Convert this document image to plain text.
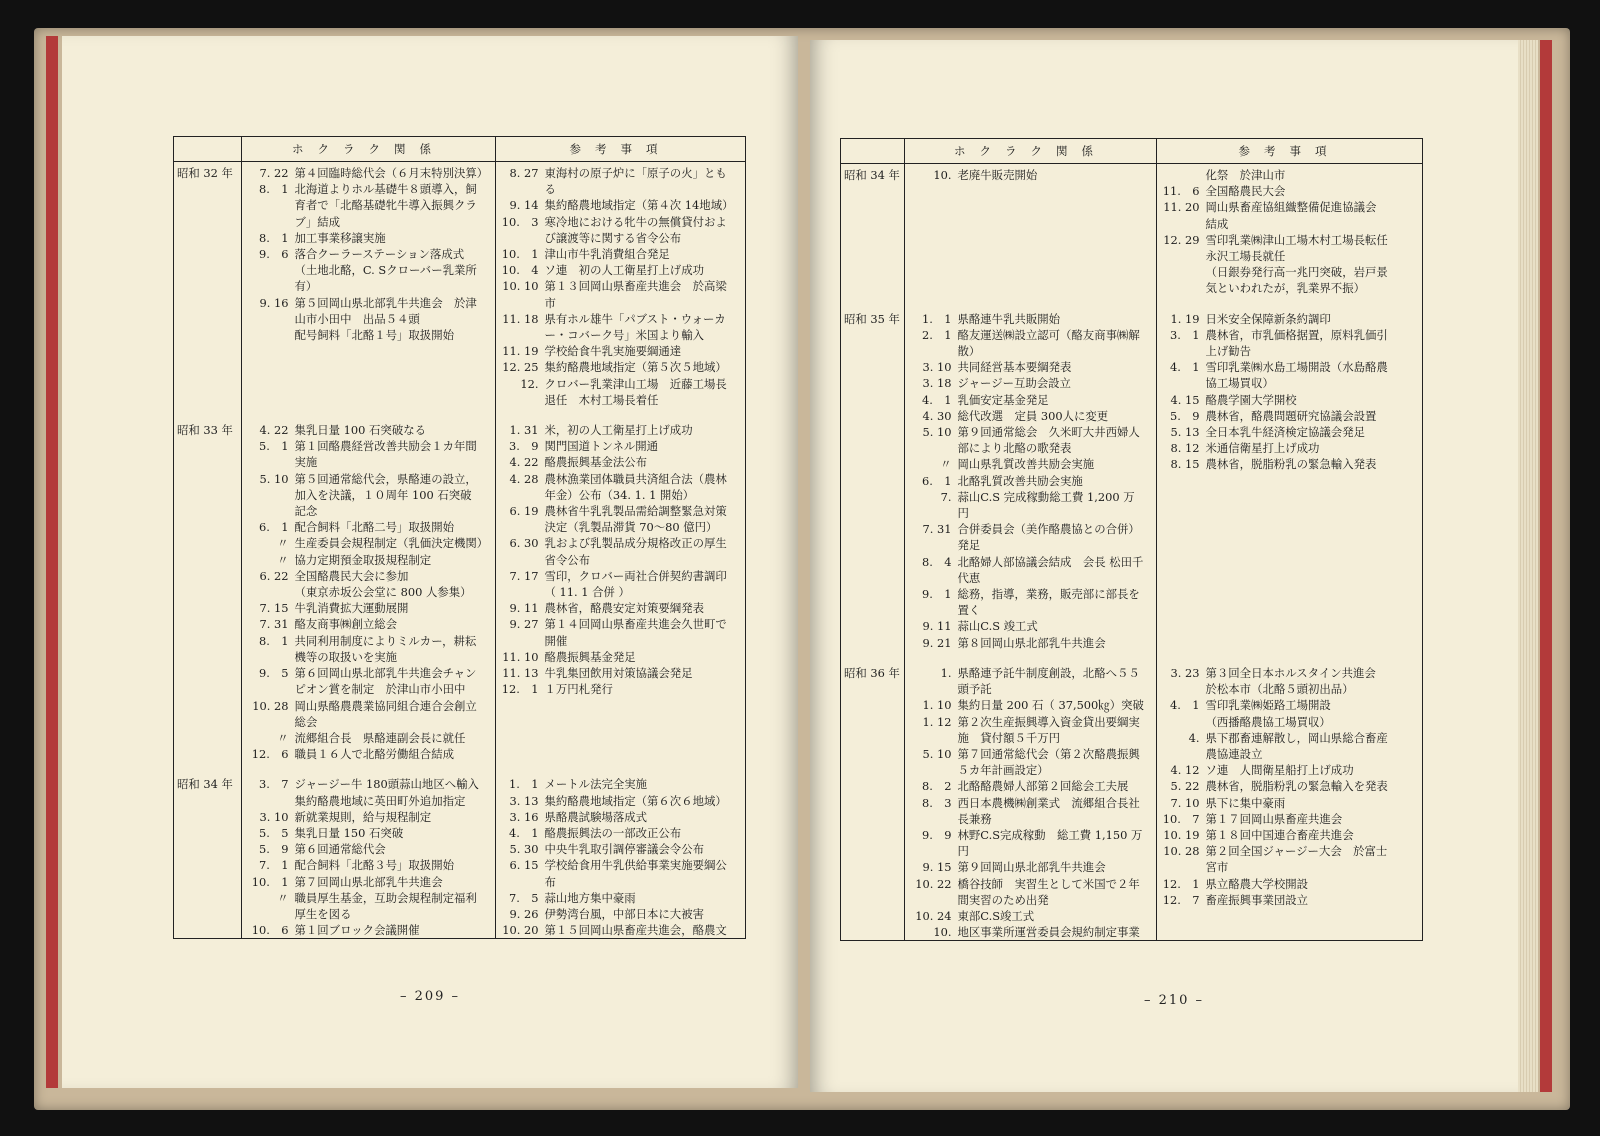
	ホクラク関係		参考事項	
昭和 32 年	7. 22	第４回臨時総代会（６月末特別決算）	8. 27	東海村の原子炉に「原子の火」とも
	8.　1	北海道よりホル基礎牛８頭導入，飼		る
		育者で「北酪基礎牝牛導入振興クラ	9. 14	集約酪農地域指定（第４次 14地域）
		ブ」結成	10.　3	寒冷地における牝牛の無償貸付およ
	8.　1	加工事業移譲実施		び譲渡等に関する省令公布
	9.　6	落合クーラーステーション落成式	10.　1	津山市牛乳消費組合発足
		（土地北酪，C. Sクローバー乳業所	10.　4	ソ連　初の人工衛星打上げ成功
		有）	10. 10	第１３回岡山県畜産共進会　於高梁
	9. 16	第５回岡山県北部乳牛共進会　於津		市
		山市小田中　出品５４頭	11. 18	県有ホル雄牛「パブスト・ウォーカ
		配号飼料「北酪１号」取扱開始		ー・コバーク号」米国より輸入
			11. 19	学校給食牛乳実施要綱通達
			12. 25	集約酪農地域指定（第５次５地域）
			12.	クロバー乳業津山工場　近藤工場長
				退任　木村工場長着任
昭和 33 年	4. 22	集乳日量 100 石突破なる	1. 31	米，初の人工衛星打上げ成功
	5.　1	第１回酪農経営改善共励会１カ年間	3.　9	関門国道トンネル開通
		実施	4. 22	酪農振興基金法公布
	5. 10	第５回通常総代会，県酪連の設立，	4. 28	農林漁業団体職員共済組合法（農林
		加入を決議，１０周年 100 石突破		年金）公布（34. 1. 1 開始）
		記念	6. 19	農林省牛乳乳製品需給調整緊急対策
	6.　1	配合飼料「北酪二号」取扱開始		決定（乳製品滞貨 70～80 億円）
	〃	生産委員会規程制定（乳価決定機関）	6. 30	乳および乳製品成分規格改正の厚生
	〃	協力定期預金取扱規程制定		省令公布
	6. 22	全国酪農民大会に参加	7. 17	雪印，クロバー両社合併契約書調印
		（東京赤坂公会堂に 800 人参集）		（ 11. 1 合併 ）
	7. 15	牛乳消費拡大運動展開	9. 11	農林省，酪農安定対策要綱発表
	7. 31	酪友商事㈱創立総会	9. 27	第１４回岡山県畜産共進会久世町で
	8.　1	共同利用制度によりミルカー，耕耘		開催
		機等の取扱いを実施	11. 10	酪農振興基金発足
	9.　5	第６回岡山県北部乳牛共進会チャン	11. 13	牛乳集団飲用対策協議会発足
		ピオン賞を制定　於津山市小田中	12.　1	１万円札発行
	10. 28	岡山県酪農農業協同組合連合会創立		
		総会		
	〃	流郷組合長　県酪連副会長に就任		
	12.　6	職員１６人で北酪労働組合結成		
昭和 34 年	3.　7	ジャージー牛 180頭蒜山地区へ輸入	1.　1	メートル法完全実施
		集約酪農地域に英田町外追加指定	3. 13	集約酪農地域指定（第６次６地域）
	3. 10	新就業規則，給与規程制定	3. 16	県酪農試験場落成式
	5.　5	集乳日量 150 石突破	4.　1	酪農振興法の一部改正公布
	5.　9	第６回通常総代会	5. 30	中央牛乳取引調停審議会令公布
	7.　1	配合飼料「北酪３号」取扱開始	6. 15	学校給食用牛乳供給事業実施要綱公
	10.　1	第７回岡山県北部乳牛共進会		布
	〃	職員厚生基金，互助会規程制定福利	7.　5	蒜山地方集中豪雨
		厚生を図る	9. 26	伊勢湾台風，中部日本に大被害
	10.　6	第１回ブロック会議開催	10. 20	第１５回岡山県畜産共進会，酪農文
– 209 –
	ホクラク関係		参考事項	
昭和 34 年	10.	老廃牛販売開始		化祭　於津山市
			11.　6	全国酪農民大会
			11. 20	岡山県畜産協組織整備促進協議会
				結成
			12. 29	雪印乳業㈱津山工場木村工場長転任
				永沢工場長就任
				（日銀券発行高一兆円突破，岩戸景
				気といわれたが，乳業界不振）
昭和 35 年	1.　1	県酪連牛乳共販開始	1. 19	日米安全保障新条約調印
	2.　1	酪友運送㈱設立認可（酪友商事㈱解	3.　1	農林省，市乳価格据置，原料乳価引
		散）		上げ勧告
	3. 10	共同経営基本要綱発表	4.　1	雪印乳業㈱水島工場開設（水島酪農
	3. 18	ジャージー互助会設立		協工場買収）
	4.　1	乳価安定基金発足	4. 15	酪農学園大学開校
	4. 30	総代改選　定員 300人に変更	5.　9	農林省，酪農問題研究協議会設置
	5. 10	第９回通常総会　久米町大井西婦人	5. 13	全日本乳牛経済検定協議会発足
		部により北酪の歌発表	8. 12	米通信衛星打上げ成功
	〃	岡山県乳質改善共励会実施	8. 15	農林省，脱脂粉乳の緊急輸入発表
	6.　1	北酪乳質改善共励会実施		
	7.	蒜山C.S 完成稼動総工費 1,200 万		
		円		
	7. 31	合併委員会（美作酪農協との合併）		
		発足		
	8.　4	北酪婦人部協議会結成　会長 松田千		
		代恵		
	9.　1	総務，指導，業務，販売部に部長を		
		置く		
	9. 11	蒜山C.S 竣工式		
	9. 21	第８回岡山県北部乳牛共進会		
昭和 36 年	1.	県酪連予託牛制度創設，北酪へ５５	3. 23	第３回全日本ホルスタイン共進会
		頭予託		於松本市（北酪５頭初出品）
	1. 10	集約日量 200 石（ 37,500㎏）突破	4.　1	雪印乳業㈱姫路工場開設
	1. 12	第２次生産振興導入資金貸出要綱実		（西播酪農協工場買収）
		施　貸付額５千万円	4.	県下郡畜連解散し，岡山県総合畜産
	5. 10	第７回通常総代会（第２次酪農振興		農協連設立
		５カ年計画設定）	4. 12	ソ連　人間衛星船打上げ成功
	8.　2	北酪酪農婦人部第２回総会工夫展	5. 22	農林省，脱脂粉乳の緊急輸入を発表
	8.　3	西日本農機㈱創業式　流郷組合長社	7. 10	県下に集中豪雨
		長兼務	10.　7	第１７回岡山県畜産共進会
	9.　9	林野C.S完成稼動　総工費 1,150 万	10. 19	第１８回中国連合畜産共進会
		円	10. 28	第２回全国ジャージー大会　於富士
	9. 15	第９回岡山県北部乳牛共進会		宮市
	10. 22	橋谷技師　実習生として米国で２年	12.　1	県立酪農大学校開設
		間実習のため出発	12.　7	畜産振興事業団設立
	10. 24	東部C.S竣工式		
	10.	地区事業所運営委員会規約制定事業		
– 210 –
